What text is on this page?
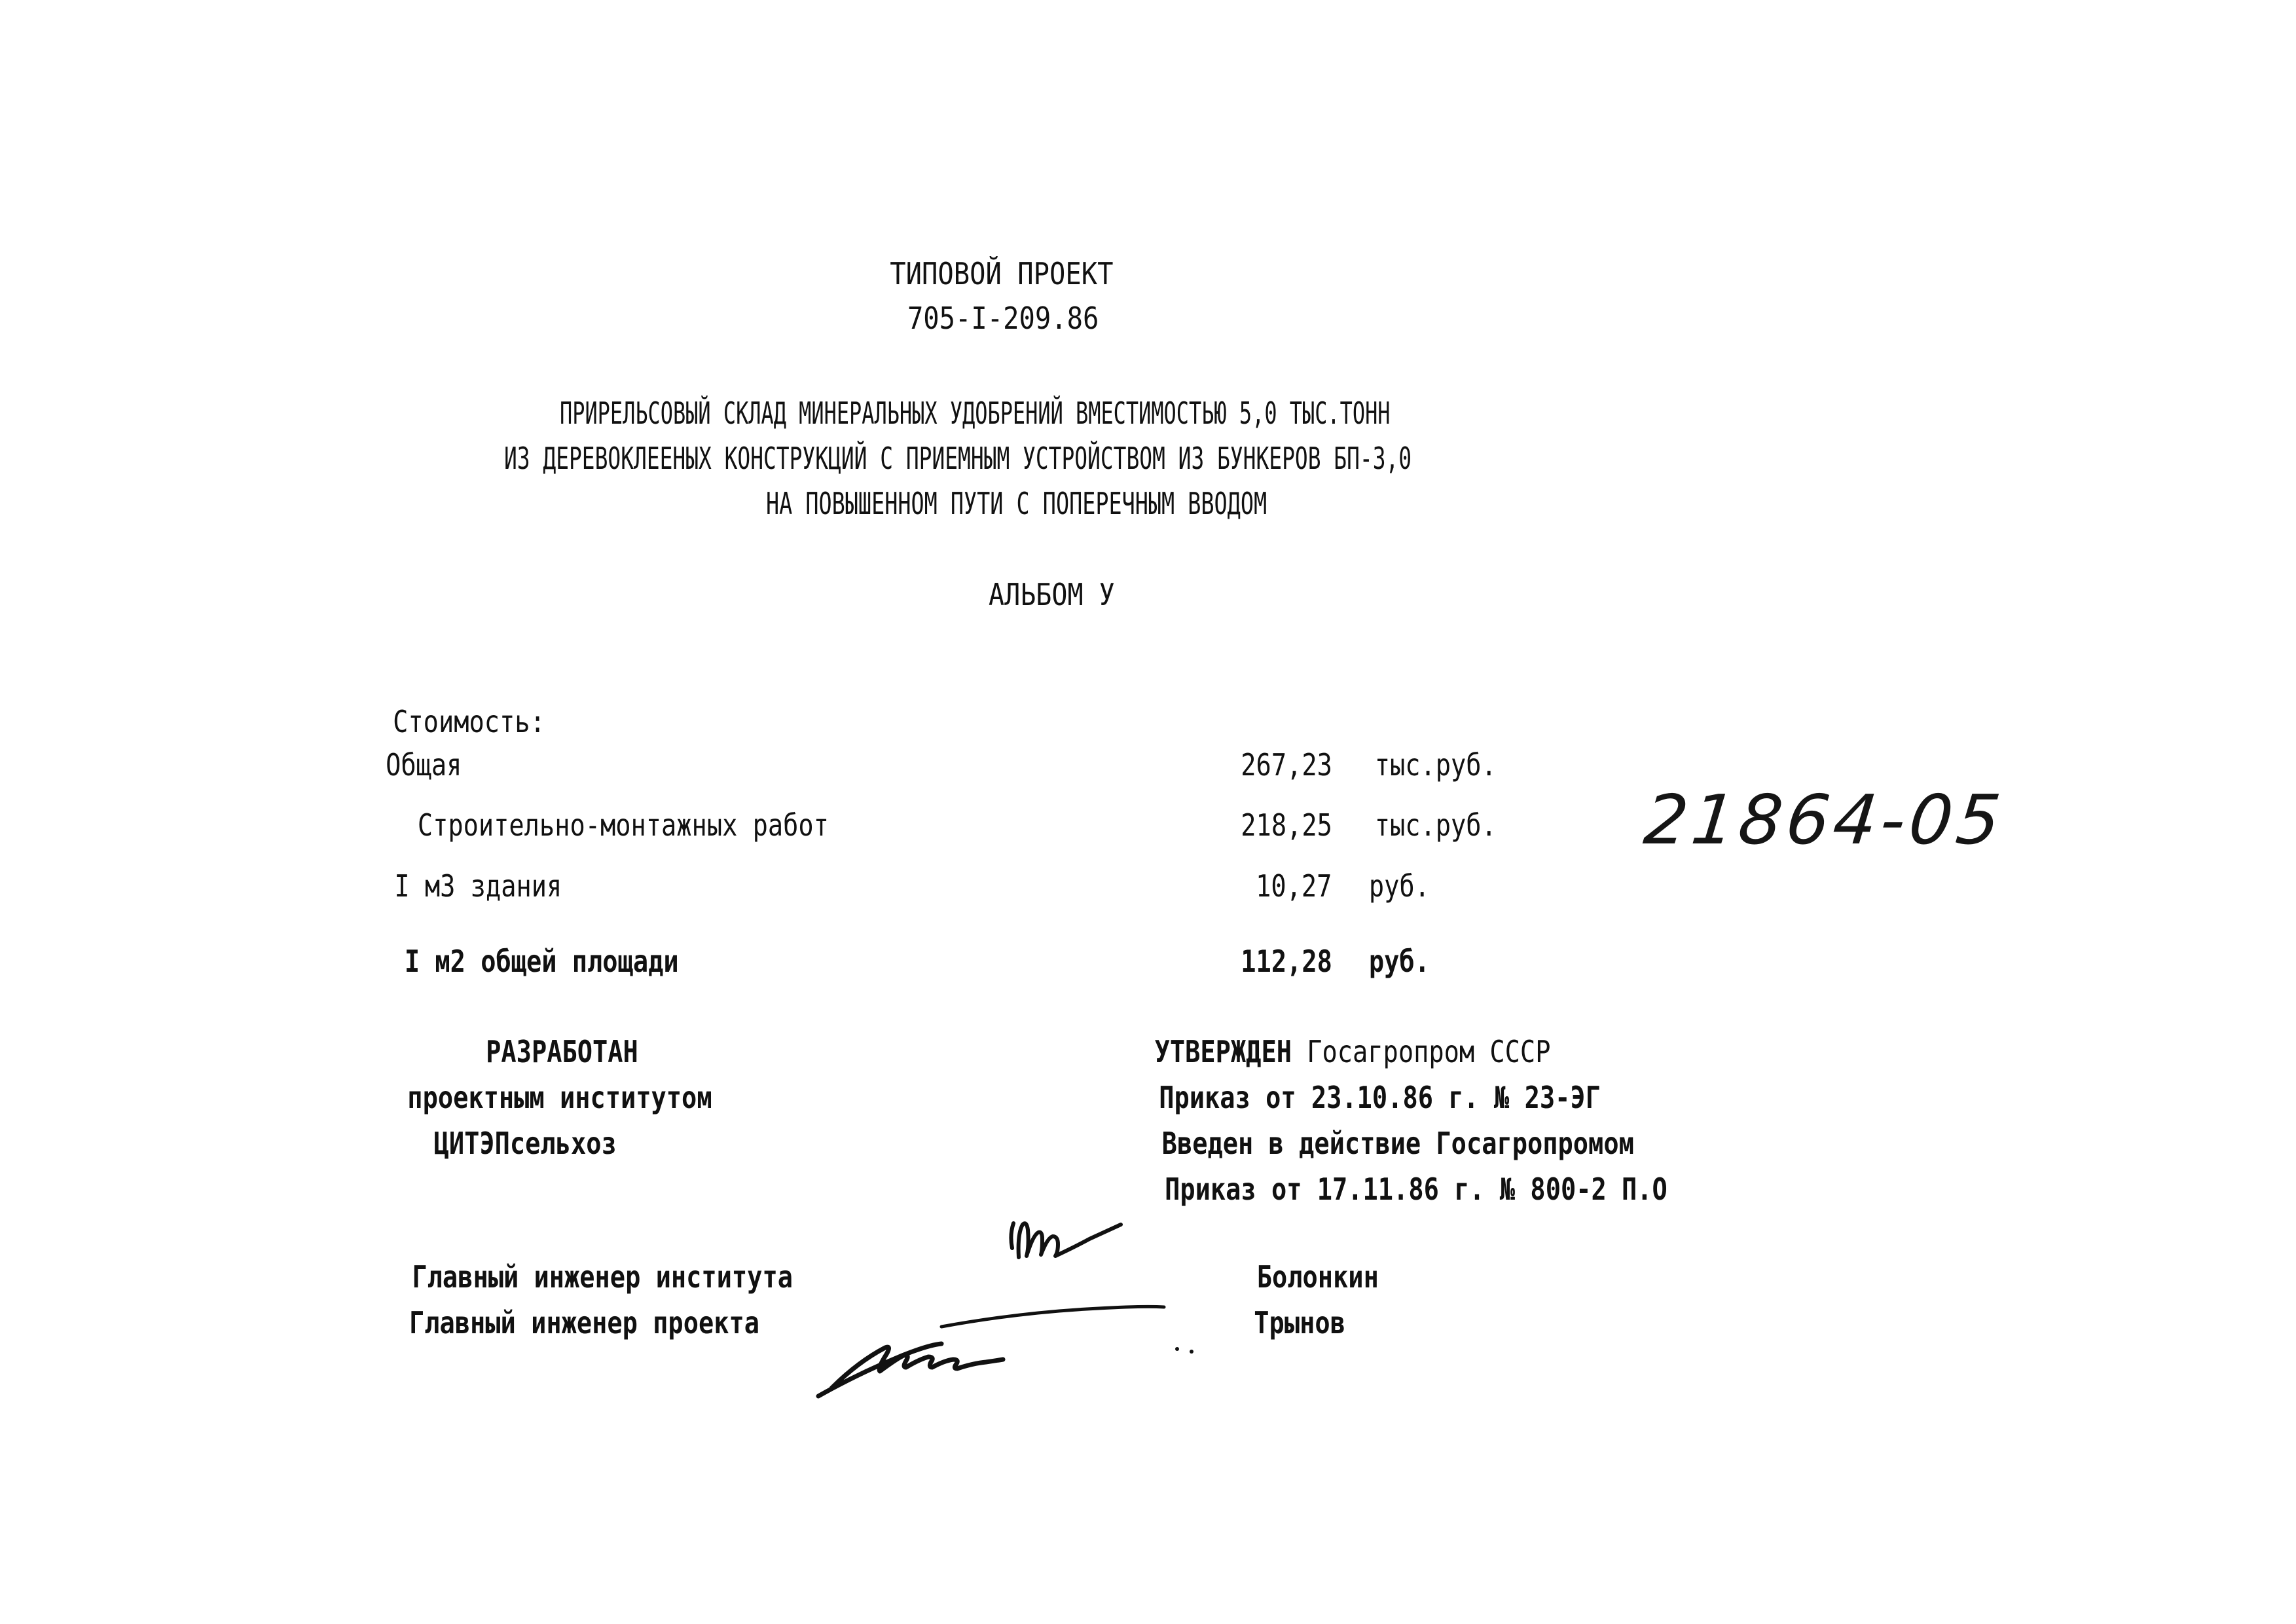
ТИПОВОЙ ПРОЕКТ
705-I-209.86
ПРИРЕЛЬСОВЫЙ СКЛАД МИНЕРАЛЬНЫХ УДОБРЕНИЙ ВМЕСТИМОСТЬЮ 5,0 ТЫС.ТОНН
ИЗ ДЕРЕВОКЛЕЕНЫХ КОНСТРУКЦИЙ С ПРИЕМНЫМ УСТРОЙСТВОМ ИЗ БУНКЕРОВ БП-3,0
НА ПОВЫШЕННОМ ПУТИ С ПОПЕРЕЧНЫМ ВВОДОМ
АЛЬБОМ У
Стоимость:
Общая	267,23 тыс.руб.
Строительно-монтажных работ	218,25 тыс.руб.
I м3 здания	10,27 руб.
I м2 общей площади	112,28 руб.
21864-05
РАЗРАБОТАН
проектным институтом
ЦИТЭПсельхоз
УТВЕРЖДЕН Госагропром СССР
Приказ от 23.10.86 г. № 23-ЭГ
Введен в действие Госагропромом
Приказ от 17.11.86 г. № 800-2 П.О
Главный инженер института	Болонкин
Главный инженер проекта	Трынов
